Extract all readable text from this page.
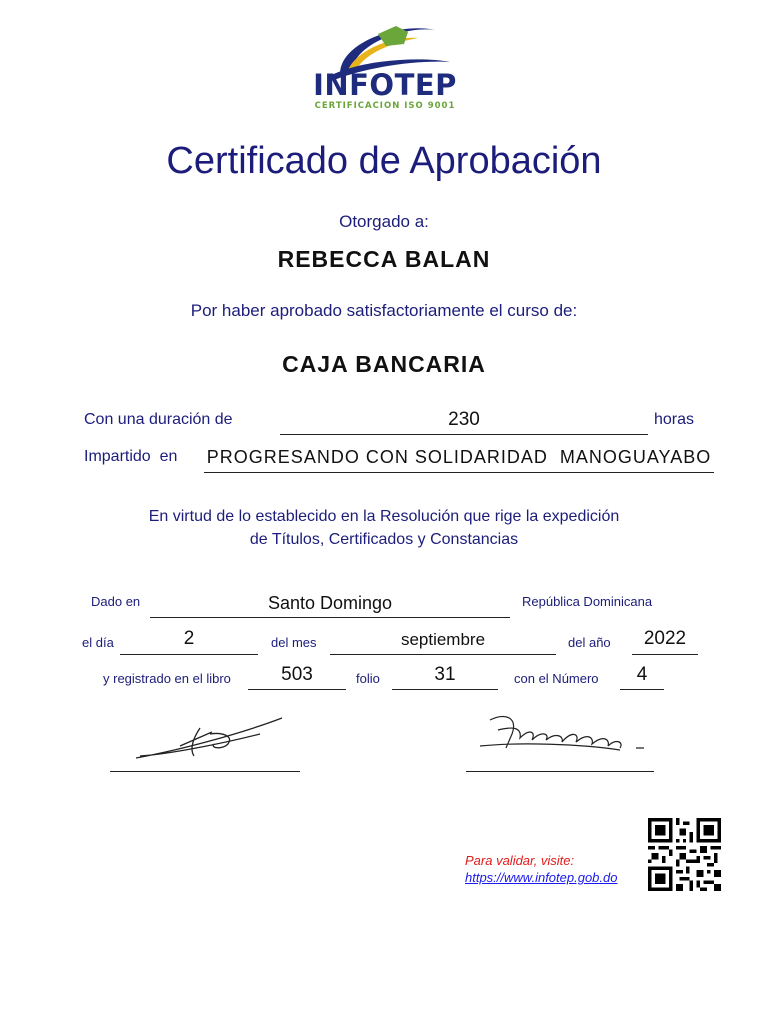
INFOTEP
CERTIFICACION ISO 9001
Certificado de Aprobación
Otorgado a:
REBECCA BALAN
Por haber aprobado satisfactoriamente el curso de:
CAJA BANCARIA
Con una duración de	230	horas
Impartido  en PROGRESANDO CON SOLIDARIDAD  MANOGUAYABO
En virtud de lo establecido en la Resolución que rige la expedición
de Títulos, Certificados y Constancias
Dado en	Santo Domingo	República Dominicana
el día	2	del mes	septiembre	del año	2022
y registrado en el libro	503	folio	31	con el Número	4
Para validar, visite:
https://www.infotep.gob.do
